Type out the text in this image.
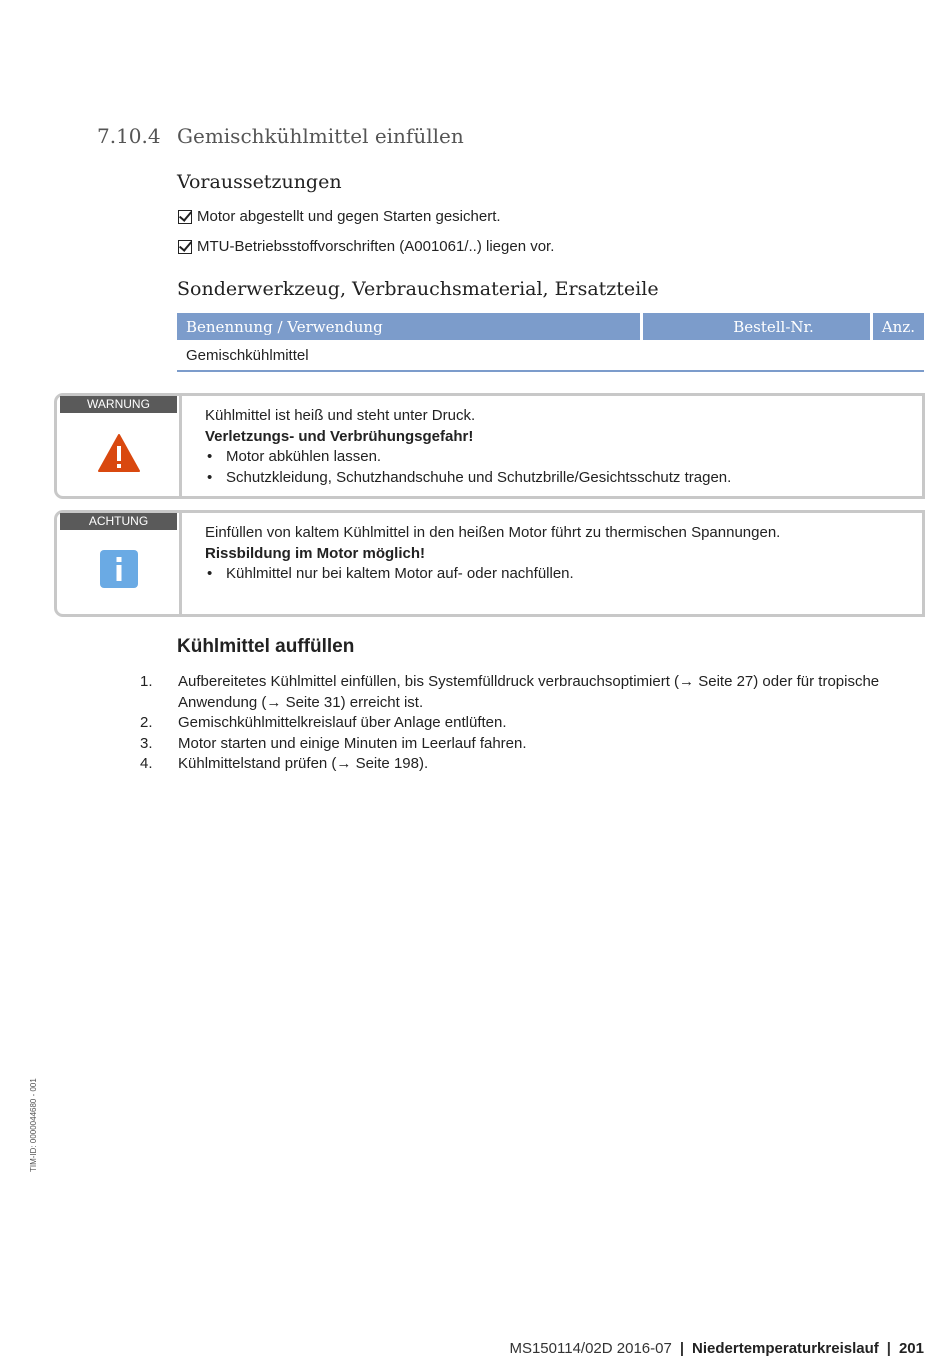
7.10.4 Gemischkühlmittel einfüllen
Voraussetzungen
Motor abgestellt und gegen Starten gesichert.
MTU-Betriebsstoffvorschriften (A001061/..) liegen vor.
Sonderwerkzeug, Verbrauchsmaterial, Ersatzteile
Benennung / Verwendung	Bestell-Nr.	Anz.
Gemischkühlmittel		
WARNUNG
Kühlmittel ist heiß und steht unter Druck.
Verletzungs- und Verbrühungsgefahr!
• Motor abkühlen lassen.
• Schutzkleidung, Schutzhandschuhe und Schutzbrille/Gesichtsschutz tragen.
ACHTUNG
Einfüllen von kaltem Kühlmittel in den heißen Motor führt zu thermischen Spannungen.
Rissbildung im Motor möglich!
• Kühlmittel nur bei kaltem Motor auf- oder nachfüllen.
Kühlmittel auffüllen
1.	Aufbereitetes Kühlmittel einfüllen, bis Systemfülldruck verbrauchsoptimiert (→ Seite 27) oder für tropische
Anwendung (→ Seite 31) erreicht ist.
2.	Gemischkühlmittelkreislauf über Anlage entlüften.
3.	Motor starten und einige Minuten im Leerlauf fahren.
4.	Kühlmittelstand prüfen (→ Seite 198).
TIM-ID: 0000044680 - 001
MS150114/02D 2016-07 | Niedertemperaturkreislauf | 201
